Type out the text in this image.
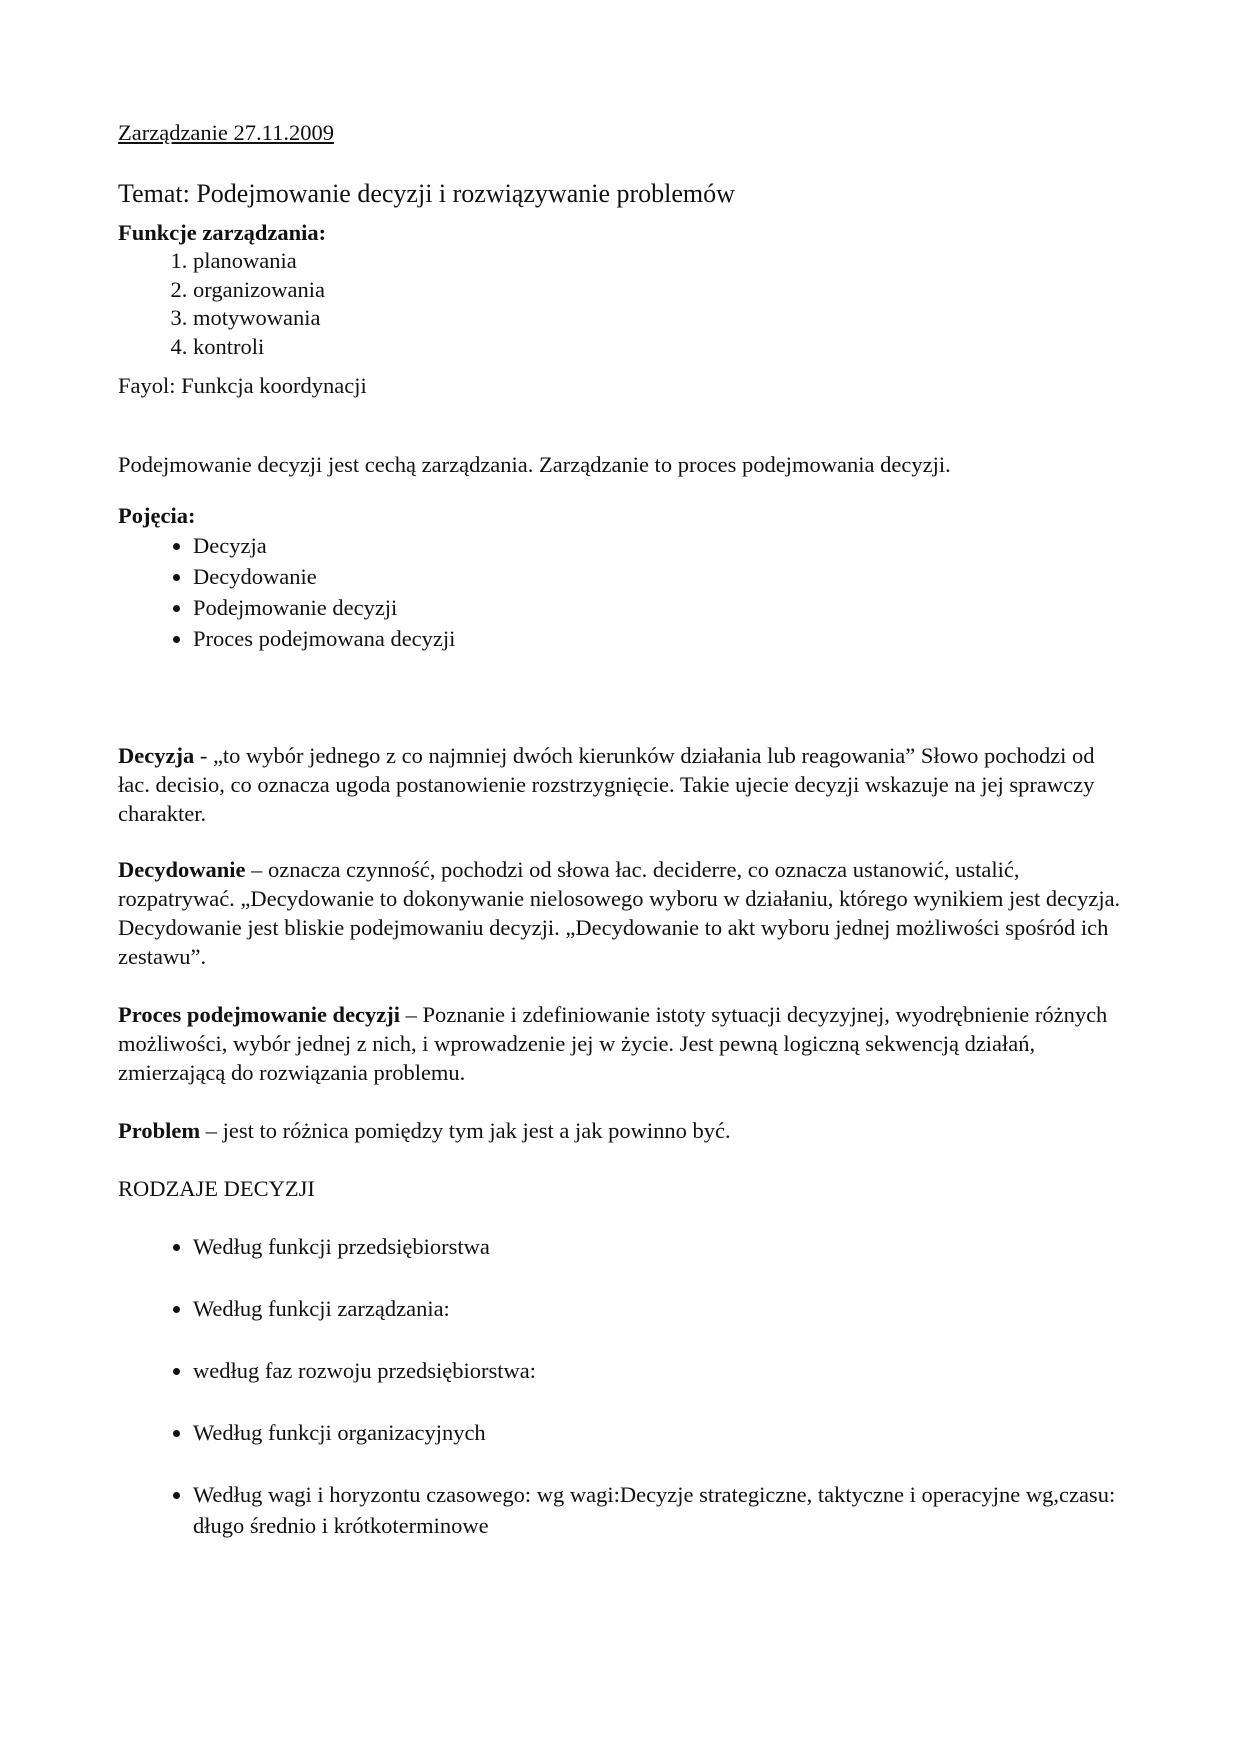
Zarządzanie 27.11.2009
Temat: Podejmowanie decyzji i rozwiązywanie problemów
Funkcje zarządzania:
1. planowania
2. organizowania
3. motywowania
4. kontroli
Fayol: Funkcja koordynacji
Podejmowanie decyzji jest cechą zarządzania. Zarządzanie to proces podejmowania decyzji.
Pojęcia:
• Decyzja
• Decydowanie
• Podejmowanie decyzji
• Proces podejmowana decyzji

Decyzja - „to wybór jednego z co najmniej dwóch kierunków działania lub reagowania” Słowo pochodzi od łac. decisio, co oznacza ugoda postanowienie rozstrzygnięcie. Takie ujecie decyzji wskazuje na jej sprawczy charakter.

Decydowanie – oznacza czynność, pochodzi od słowa łac. deciderre, co oznacza ustanowić, ustalić, rozpatrywać. „Decydowanie to dokonywanie nielosowego wyboru w działaniu, którego wynikiem jest decyzja. Decydowanie jest bliskie podejmowaniu decyzji. „Decydowanie to akt wyboru jednej możliwości spośród ich zestawu”.

Proces podejmowanie decyzji – Poznanie i zdefiniowanie istoty sytuacji decyzyjnej, wyodrębnienie różnych możliwości, wybór jednej z nich, i wprowadzenie jej w życie. Jest pewną logiczną sekwencją działań, zmierzającą do rozwiązania problemu.

Problem – jest to różnica pomiędzy tym jak jest a jak powinno być.

RODZAJE DECYZJI
• Według funkcji przedsiębiorstwa
• Według funkcji zarządzania:
• według faz rozwoju przedsiębiorstwa:
• Według funkcji organizacyjnych
• Według wagi i horyzontu czasowego: wg wagi:Decyzje strategiczne, taktyczne i operacyjne wg,czasu: długo średnio i krótkoterminowe
